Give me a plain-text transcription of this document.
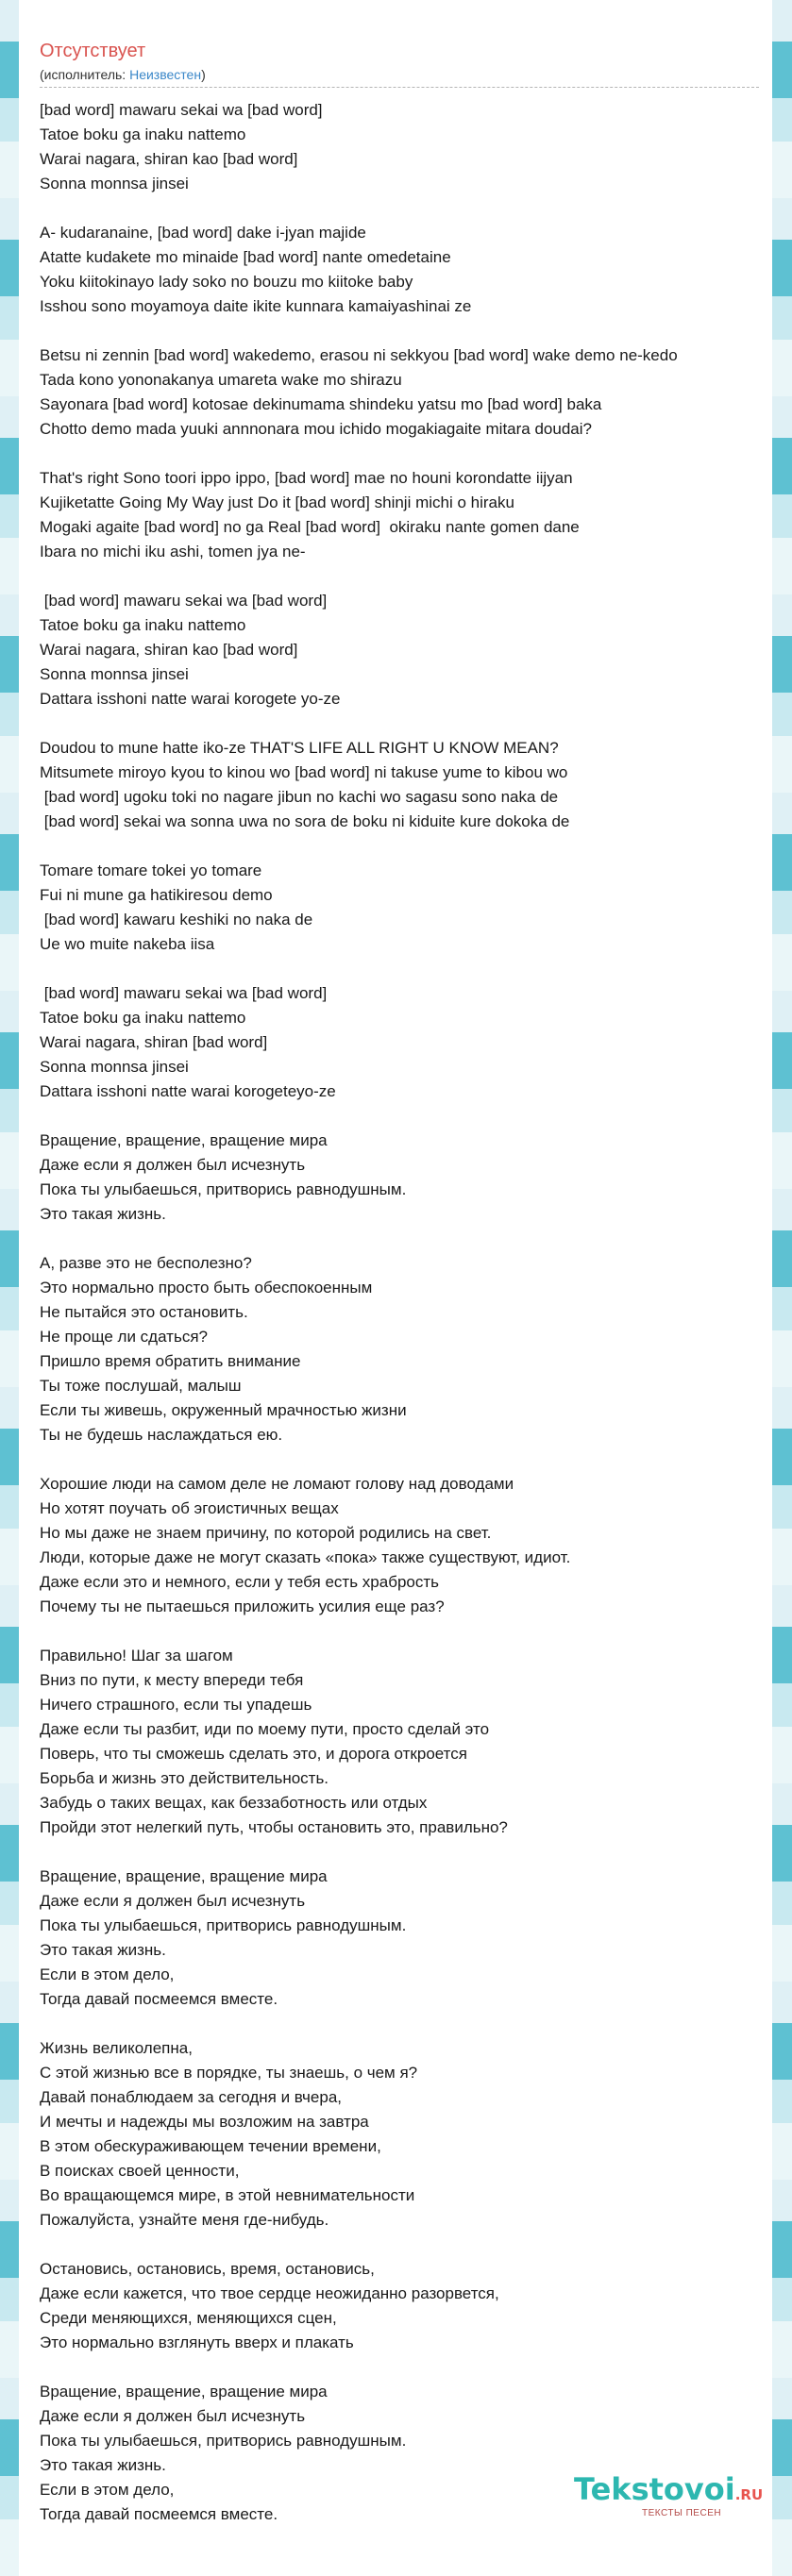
Отсутствует
(исполнитель: Неизвестен)
[bad word] mawaru sekai wa [bad word]
Tatoe boku ga inaku nattemo
Warai nagara, shiran kao [bad word]
Sonna monnsa jinsei
A- kudaranaine, [bad word] dake i-jyan majide
Atatte kudakete mo minaide [bad word] nante omedetaine
Yoku kiitokinayo lady soko no bouzu mo kiitoke baby
Isshou sono moyamoya daite ikite kunnara kamaiyashinai ze
Betsu ni zennin [bad word] wakedemo, erasou ni sekkyou [bad word] wake demo ne-kedo
Tada kono yononakanya umareta wake mo shirazu
Sayonara [bad word] kotosae dekinumama shindeku yatsu mo [bad word] baka
Chotto demo mada yuuki annnonara mou ichido mogakiagaite mitara doudai?
That's right Sono toori ippo ippo, [bad word] mae no houni korondatte iijyan
Kujiketatte Going My Way just Do it [bad word] shinji michi o hiraku
Mogaki agaite [bad word] no ga Real [bad word]  okiraku nante gomen dane
Ibara no michi iku ashi, tomen jya ne-
[bad word] mawaru sekai wa [bad word]
Tatoe boku ga inaku nattemo
Warai nagara, shiran kao [bad word]
Sonna monnsa jinsei
Dattara isshoni natte warai korogete yo-ze
Doudou to mune hatte iko-ze THAT'S LIFE ALL RIGHT U KNOW MEAN?
Mitsumete miroyo kyou to kinou wo [bad word] ni takuse yume to kibou wo
[bad word] ugoku toki no nagare jibun no kachi wo sagasu sono naka de
[bad word] sekai wa sonna uwa no sora de boku ni kiduite kure dokoka de
Tomare tomare tokei yo tomare
Fui ni mune ga hatikiresou demo
[bad word] kawaru keshiki no naka de
Ue wo muite nakeba iisa
[bad word] mawaru sekai wa [bad word]
Tatoe boku ga inaku nattemo
Warai nagara, shiran [bad word]
Sonna monnsa jinsei
Dattara isshoni natte warai korogeteyo-ze
Вращение, вращение, вращение мира
Даже если я должен был исчезнуть
Пока ты улыбаешься, притворись равнодушным.
Это такая жизнь.
А, разве это не бесполезно?
Это нормально просто быть обеспокоенным
Не пытайся это остановить.
Не проще ли сдаться?
Пришло время обратить внимание
Ты тоже послушай, малыш
Если ты живешь, окруженный мрачностью жизни
Ты не будешь наслаждаться ею.
Хорошие люди на самом деле не ломают голову над доводами
Но хотят поучать об эгоистичных вещах
Но мы даже не знаем причину, по которой родились на свет.
Люди, которые даже не могут сказать «пока» также существуют, идиот.
Даже если это и немного, если у тебя есть храбрость
Почему ты не пытаешься приложить усилия еще раз?
Правильно! Шаг за шагом
Вниз по пути, к месту впереди тебя
Ничего страшного, если ты упадешь
Даже если ты разбит, иди по моему пути, просто сделай это
Поверь, что ты сможешь сделать это, и дорога откроется
Борьба и жизнь это действительность.
Забудь о таких вещах, как беззаботность или отдых
Пройди этот нелегкий путь, чтобы остановить это, правильно?
Вращение, вращение, вращение мира
Даже если я должен был исчезнуть
Пока ты улыбаешься, притворись равнодушным.
Это такая жизнь.
Если в этом дело,
Тогда давай посмеемся вместе.
Жизнь великолепна,
С этой жизнью все в порядке, ты знаешь, о чем я?
Давай понаблюдаем за сегодня и вчера,
И мечты и надежды мы возложим на завтра
В этом обескураживающем течении времени,
В поисках своей ценности,
Во вращающемся мире, в этой невнимательности
Пожалуйста, узнайте меня где-нибудь.
Остановись, остановись, время, остановись,
Даже если кажется, что твое сердце неожиданно разорвется,
Среди меняющихся, меняющихся сцен,
Это нормально взглянуть вверх и плакать
Вращение, вращение, вращение мира
Даже если я должен был исчезнуть
Пока ты улыбаешься, притворись равнодушным.
Это такая жизнь.
Если в этом дело,
Тогда давай посмеемся вместе.
Tekstovoi.RU
ТЕКСТЫ ПЕСЕН
